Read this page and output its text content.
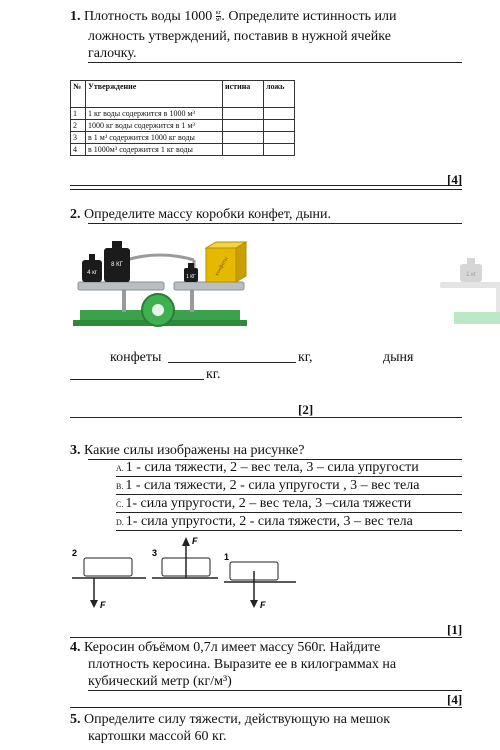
1. Плотность воды 1000 кг
м³ . Определите истинность или
ложность утверждений, поставив в нужной ячейке
галочку.
№	Утверждение	истина	ложь
1	1 кг воды содержится в 1000 м³		
2	1000 кг воды содержится в 1 м³		
3	в 1 м³ содержится 1000 кг воды		
4	в 1000м³ содержится 1 кг воды		
[4]
2. Определите массу коробки конфет, дыни.
4 кг
8 КГ
1 КГ
конфеты	1 кг
конфеты	кг,	дыня
кг.
[2]
3. Какие силы изображены на рисунке?
A. 1 - сила тяжести, 2 – вес тела, 3 – сила упругости
B. 1 - сила тяжести, 2 - сила упругости , 3 – вес тела
C. 1- сила упругости, 2 – вес тела, 3 –сила тяжести
D. 1- сила упругости, 2 - сила тяжести, 3 – вес тела
2
F
3
F
1
F
[1]
4. Керосин объёмом 0,7л имеет массу 560г. Найдите
плотность керосина. Выразите ее в килограммах на
кубический метр (кг/м³)
[4]
5. Определите силу тяжести, действующую на мешок
картошки массой 60 кг.
